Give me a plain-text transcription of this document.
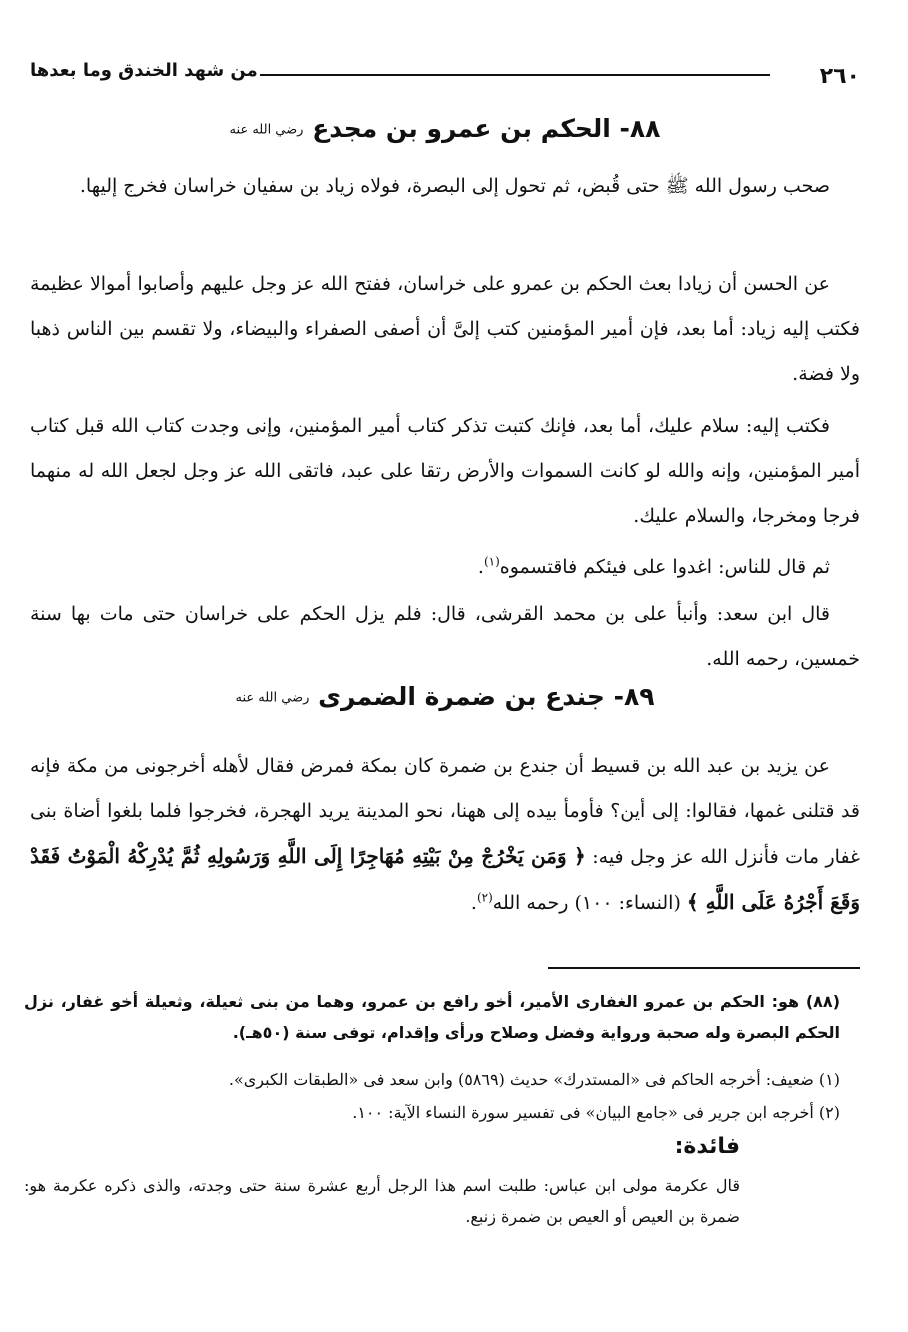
٢٦٠
من شهد الخندق وما بعدها
٨٨- الحكم بن عمرو بن مجدع رضي الله عنه

صحب رسول الله ﷺ حتى قُبض، ثم تحول إلى البصرة، فولاه زياد بن سفيان خراسان فخرج إليها.

عن الحسن أن زيادا بعث الحكم بن عمرو على خراسان، ففتح الله عز وجل عليهم وأصابوا أموالا عظيمة فكتب إليه زياد: أما بعد، فإن أمير المؤمنين كتب إلىَّ أن أصفى الصفراء والبيضاء، ولا تقسم بين الناس ذهبا ولا فضة.

فكتب إليه: سلام عليك، أما بعد، فإنك كتبت تذكر كتاب أمير المؤمنين، وإنى وجدت كتاب الله قبل كتاب أمير المؤمنين، وإنه والله لو كانت السموات والأرض رتقا على عبد، فاتقى الله عز وجل لجعل الله له منهما فرجا ومخرجا، والسلام عليك.

ثم قال للناس: اغدوا على فيئكم فاقتسموه$^{(١)}$.

قال ابن سعد: وأنبأ على بن محمد القرشى، قال: فلم يزل الحكم على خراسان حتى مات بها سنة خمسين، رحمه الله.

٨٩- جندع بن ضمرة الضمرى رضي الله عنه

عن يزيد بن عبد الله بن قسيط أن جندع بن ضمرة كان بمكة فمرض فقال لأهله أخرجونى من مكة فإنه قد قتلنى غمها، فقالوا: إلى أين؟ فأومأ بيده إلى ههنا، نحو المدينة يريد الهجرة، فخرجوا فلما بلغوا أضاة بنى غفار مات فأنزل الله عز وجل فيه: ﴿ وَمَن يَخْرُجْ مِنْ بَيْتِهِ مُهَاجِرًا إِلَى اللَّهِ وَرَسُولِهِ ثُمَّ يُدْرِكْهُ الْمَوْتُ فَقَدْ وَقَعَ أَجْرُهُ عَلَى اللَّهِ ﴾ (النساء: ١٠٠) رحمه الله$^{(٢)}$.

(٨٨) هو: الحكم بن عمرو الغفارى الأمير، أخو رافع بن عمرو، وهما من بنى ثعيلة، وثعيلة أخو غفار، نزل الحكم البصرة وله صحبة ورواية وفضل وصلاح ورأى وإقدام، توفى سنة (٥٠هـ).

(١) ضعيف: أخرجه الحاكم فى «المستدرك» حديث (٥٨٦٩) وابن سعد فى «الطبقات الكبرى».

(٢) أخرجه ابن جرير فى «جامع البيان» فى تفسير سورة النساء الآية: ١٠٠.

فائدة:

قال عكرمة مولى ابن عباس: طلبت اسم هذا الرجل أربع عشرة سنة حتى وجدته، والذى ذكره عكرمة هو: ضمرة بن العيص أو العيص بن ضمرة زنبع.
